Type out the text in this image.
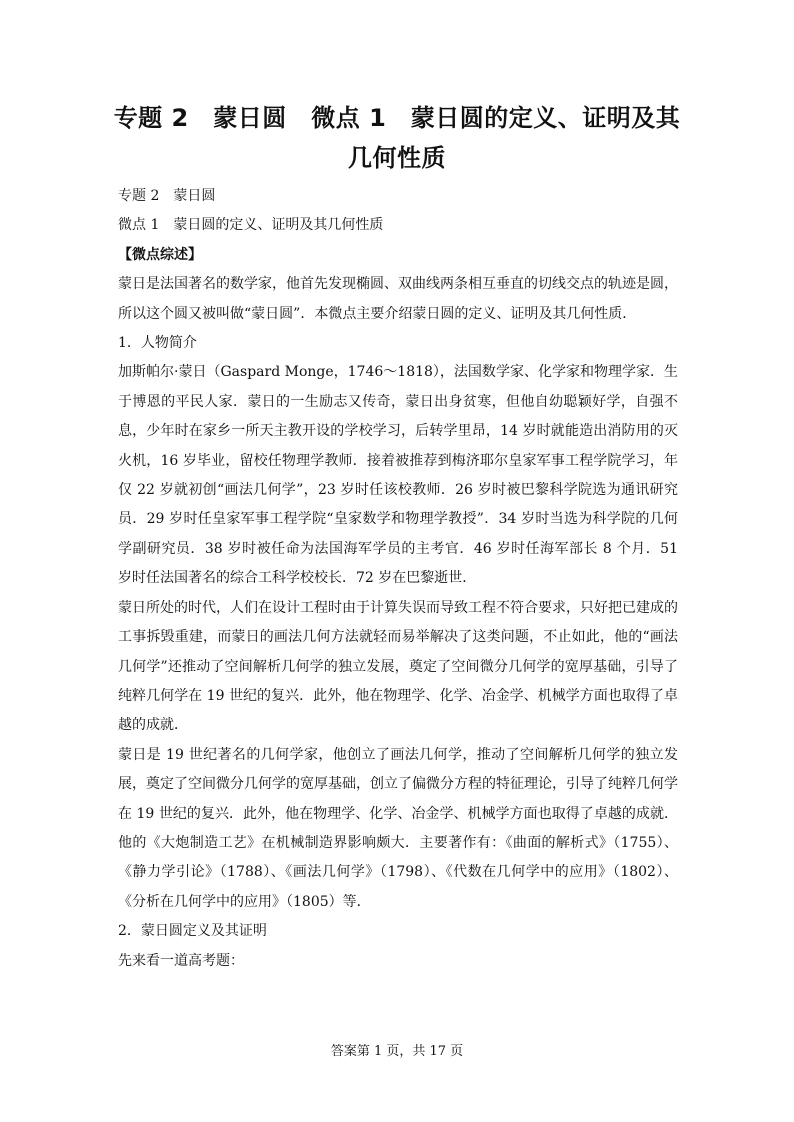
专题 2　蒙日圆　微点 1　蒙日圆的定义、证明及其
几何性质

专题 2　蒙日圆

微点 1　蒙日圆的定义、证明及其几何性质

【微点综述】

蒙日是法国著名的数学家，他首先发现椭圆、双曲线两条相互垂直的切线交点的轨迹是圆，所以这个圆又被叫做“蒙日圆”．本微点主要介绍蒙日圆的定义、证明及其几何性质．

1．人物简介

加斯帕尔·蒙日（Gaspard Monge，1746～1818），法国数学家、化学家和物理学家．生于博恩的平民人家．蒙日的一生励志又传奇，蒙日出身贫寒，但他自幼聪颖好学，自强不息，少年时在家乡一所天主教开设的学校学习，后转学里昂，14 岁时就能造出消防用的灭火机，16 岁毕业，留校任物理学教师．接着被推荐到梅济耶尔皇家军事工程学院学习，年仅 22 岁就初创“画法几何学”，23 岁时任该校教师．26 岁时被巴黎科学院选为通讯研究员．29 岁时任皇家军事工程学院“皇家数学和物理学教授”．34 岁时当选为科学院的几何学副研究员．38 岁时被任命为法国海军学员的主考官．46 岁时任海军部长 8 个月．51 岁时任法国著名的综合工科学校校长．72 岁在巴黎逝世．

蒙日所处的时代，人们在设计工程时由于计算失误而导致工程不符合要求，只好把已建成的工事拆毁重建，而蒙日的画法几何方法就轻而易举解决了这类问题，不止如此，他的“画法几何学”还推动了空间解析几何学的独立发展，奠定了空间微分几何学的宽厚基础，引导了纯粹几何学在 19 世纪的复兴．此外，他在物理学、化学、冶金学、机械学方面也取得了卓越的成就．

蒙日是 19 世纪著名的几何学家，他创立了画法几何学，推动了空间解析几何学的独立发展，奠定了空间微分几何学的宽厚基础，创立了偏微分方程的特征理论，引导了纯粹几何学在 19 世纪的复兴．此外，他在物理学、化学、冶金学、机械学方面也取得了卓越的成就．他的《大炮制造工艺》在机械制造界影响颇大．主要著作有：《曲面的解析式》（1755）、《静力学引论》（1788）、《画法几何学》（1798）、《代数在几何学中的应用》（1802）、《分析在几何学中的应用》（1805）等．

2．蒙日圆定义及其证明

先来看一道高考题：

答案第 1 页，共 17 页
